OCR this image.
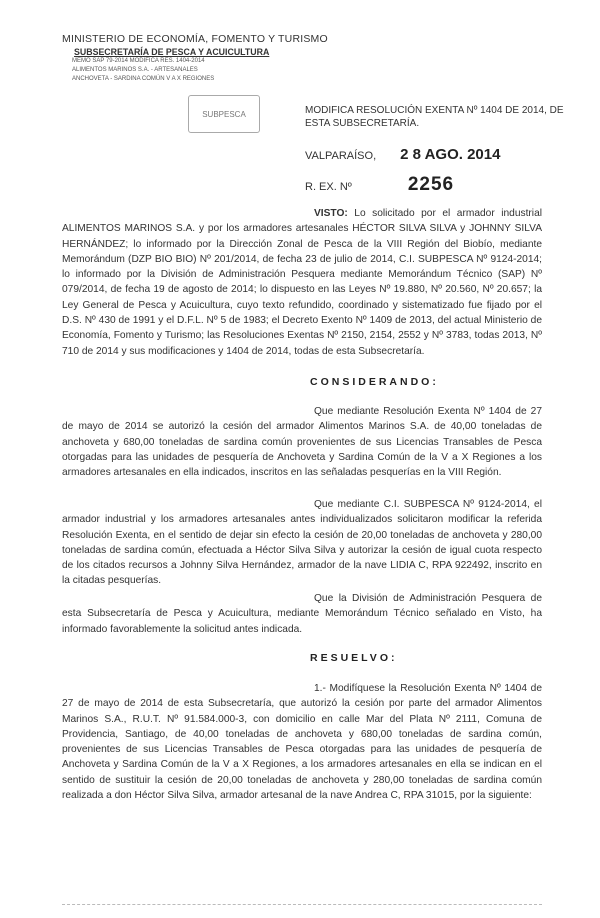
MINISTERIO DE ECONOMÍA, FOMENTO Y TURISMO
SUBSECRETARÍA DE PESCA Y ACUICULTURA
MEMO SAP 79-2014 MODIFICA RES. 1404-2014
ALIMENTOS MARINOS S.A. - ARTESANALES
ANCHOVETA - SARDINA COMÚN V A X REGIONES
SUBPESCA	MODIFICA RESOLUCIÓN EXENTA Nº 1404 DE 2014, DE ESTA SUBSECRETARÍA.
VALPARAÍSO, 2 8 AGO. 2014
R. EX. Nº	2256
VISTO: Lo solicitado por el armador industrial ALIMENTOS MARINOS S.A. y por los armadores artesanales HÉCTOR SILVA SILVA y JOHNNY SILVA HERNÁNDEZ; lo informado por la Dirección Zonal de Pesca de la VIII Región del Biobío, mediante Memorándum (DZP BIO BIO) Nº 201/2014, de fecha 23 de julio de 2014, C.I. SUBPESCA Nº 9124-2014; lo informado por la División de Administración Pesquera mediante Memorándum Técnico (SAP) Nº 079/2014, de fecha 19 de agosto de 2014; lo dispuesto en las Leyes Nº 19.880, Nº 20.560, Nº 20.657; la Ley General de Pesca y Acuicultura, cuyo texto refundido, coordinado y sistematizado fue fijado por el D.S. Nº 430 de 1991 y el D.F.L. Nº 5 de 1983; el Decreto Exento Nº 1409 de 2013, del actual Ministerio de Economía, Fomento y Turismo; las Resoluciones Exentas Nº 2150, 2154, 2552 y Nº 3783, todas 2013, Nº 710 de 2014 y sus modificaciones y 1404 de 2014, todas de esta Subsecretaría.
CONSIDERANDO:
Que mediante Resolución Exenta Nº 1404 de 27 de mayo de 2014 se autorizó la cesión del armador Alimentos Marinos S.A. de 40,00 toneladas de anchoveta y 680,00 toneladas de sardina común provenientes de sus Licencias Transables de Pesca otorgadas para las unidades de pesquería de Anchoveta y Sardina Común de la V a X Regiones a los armadores artesanales en ella indicados, inscritos en las señaladas pesquerías en la VIII Región.
Que mediante C.I. SUBPESCA Nº 9124-2014, el armador industrial y los armadores artesanales antes individualizados solicitaron modificar la referida Resolución Exenta, en el sentido de dejar sin efecto la cesión de 20,00 toneladas de anchoveta y 280,00 toneladas de sardina común, efectuada a Héctor Silva Silva y autorizar la cesión de igual cuota respecto de los citados recursos a Johnny Silva Hernández, armador de la nave LIDIA C, RPA 922492, inscrito en la citadas pesquerías.
Que la División de Administración Pesquera de esta Subsecretaría de Pesca y Acuicultura, mediante Memorándum Técnico señalado en Visto, ha informado favorablemente la solicitud antes indicada.
RESUELVO:
1.- Modifíquese la Resolución Exenta Nº 1404 de 27 de mayo de 2014 de esta Subsecretaría, que autorizó la cesión por parte del armador Alimentos Marinos S.A., R.U.T. Nº 91.584.000-3, con domicilio en calle Mar del Plata Nº 2111, Comuna de Providencia, Santiago, de 40,00 toneladas de anchoveta y 680,00 toneladas de sardina común, provenientes de sus Licencias Transables de Pesca otorgadas para las unidades de pesquería de Anchoveta y Sardina Común de la V a X Regiones, a los armadores artesanales en ella se indican en el sentido de sustituir la cesión de 20,00 toneladas de anchoveta y 280,00 toneladas de sardina común realizada a don Héctor Silva Silva, armador artesanal de la nave Andrea C, RPA 31015, por la siguiente:
